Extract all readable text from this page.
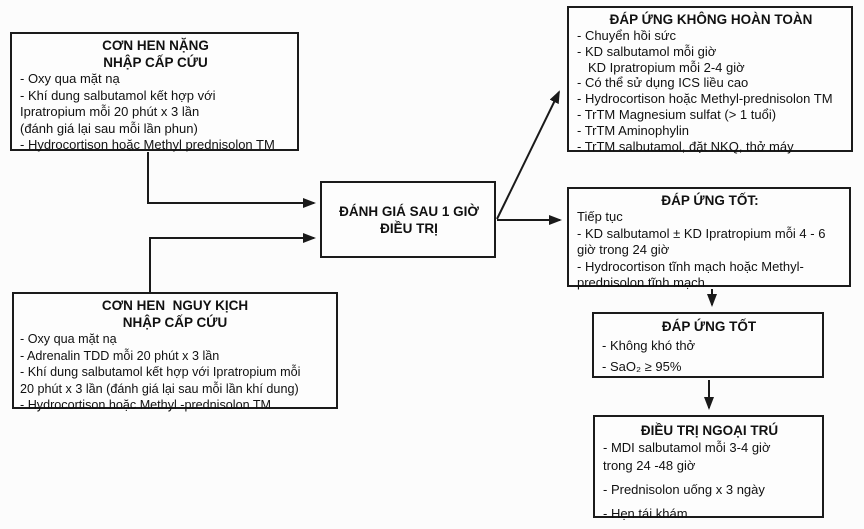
CƠN HEN NẶNG
NHẬP CẤP CỨU
- Oxy qua mặt nạ
- Khí dung salbutamol kết hợp với
Ipratropium mỗi 20 phút x 3 lần
(đánh giá lại sau mỗi lần phun)
- Hydrocortison hoặc Methyl prednisolon TM
CƠN HEN  NGUY KỊCH
NHẬP CẤP CỨU
- Oxy qua mặt nạ
- Adrenalin TDD mỗi 20 phút x 3 lần
- Khí dung salbutamol kết hợp với Ipratropium mỗi
20 phút x 3 lần (đánh giá lại sau mỗi lần khí dung)
- Hydrocortison hoặc Methyl -prednisolon TM
ĐÁNH GIÁ SAU 1 GIỜ
ĐIỀU TRỊ
ĐÁP ỨNG KHÔNG HOÀN TOÀN
- Chuyển hồi sức
- KD salbutamol mỗi giờ
KD Ipratropium mỗi 2-4 giờ
- Có thể sử dụng ICS liều cao
- Hydrocortison hoặc Methyl-prednisolon TM
- TrTM Magnesium sulfat (> 1 tuổi)
- TrTM Aminophylin
- TrTM salbutamol, đặt NKQ, thở máy
ĐÁP ỨNG TỐT:
Tiếp tục
- KD salbutamol ± KD Ipratropium mỗi 4 - 6
giờ trong 24 giờ
- Hydrocortison tĩnh mạch hoặc Methyl-
prednisolon tĩnh mạch
ĐÁP ỨNG TỐT
- Không khó thở
- SaO₂ ≥ 95%
ĐIỀU TRỊ NGOẠI TRÚ
- MDI salbutamol mỗi 3-4 giờ
trong 24 -48 giờ
- Prednisolon uống x 3 ngày
- Hẹn tái khám
